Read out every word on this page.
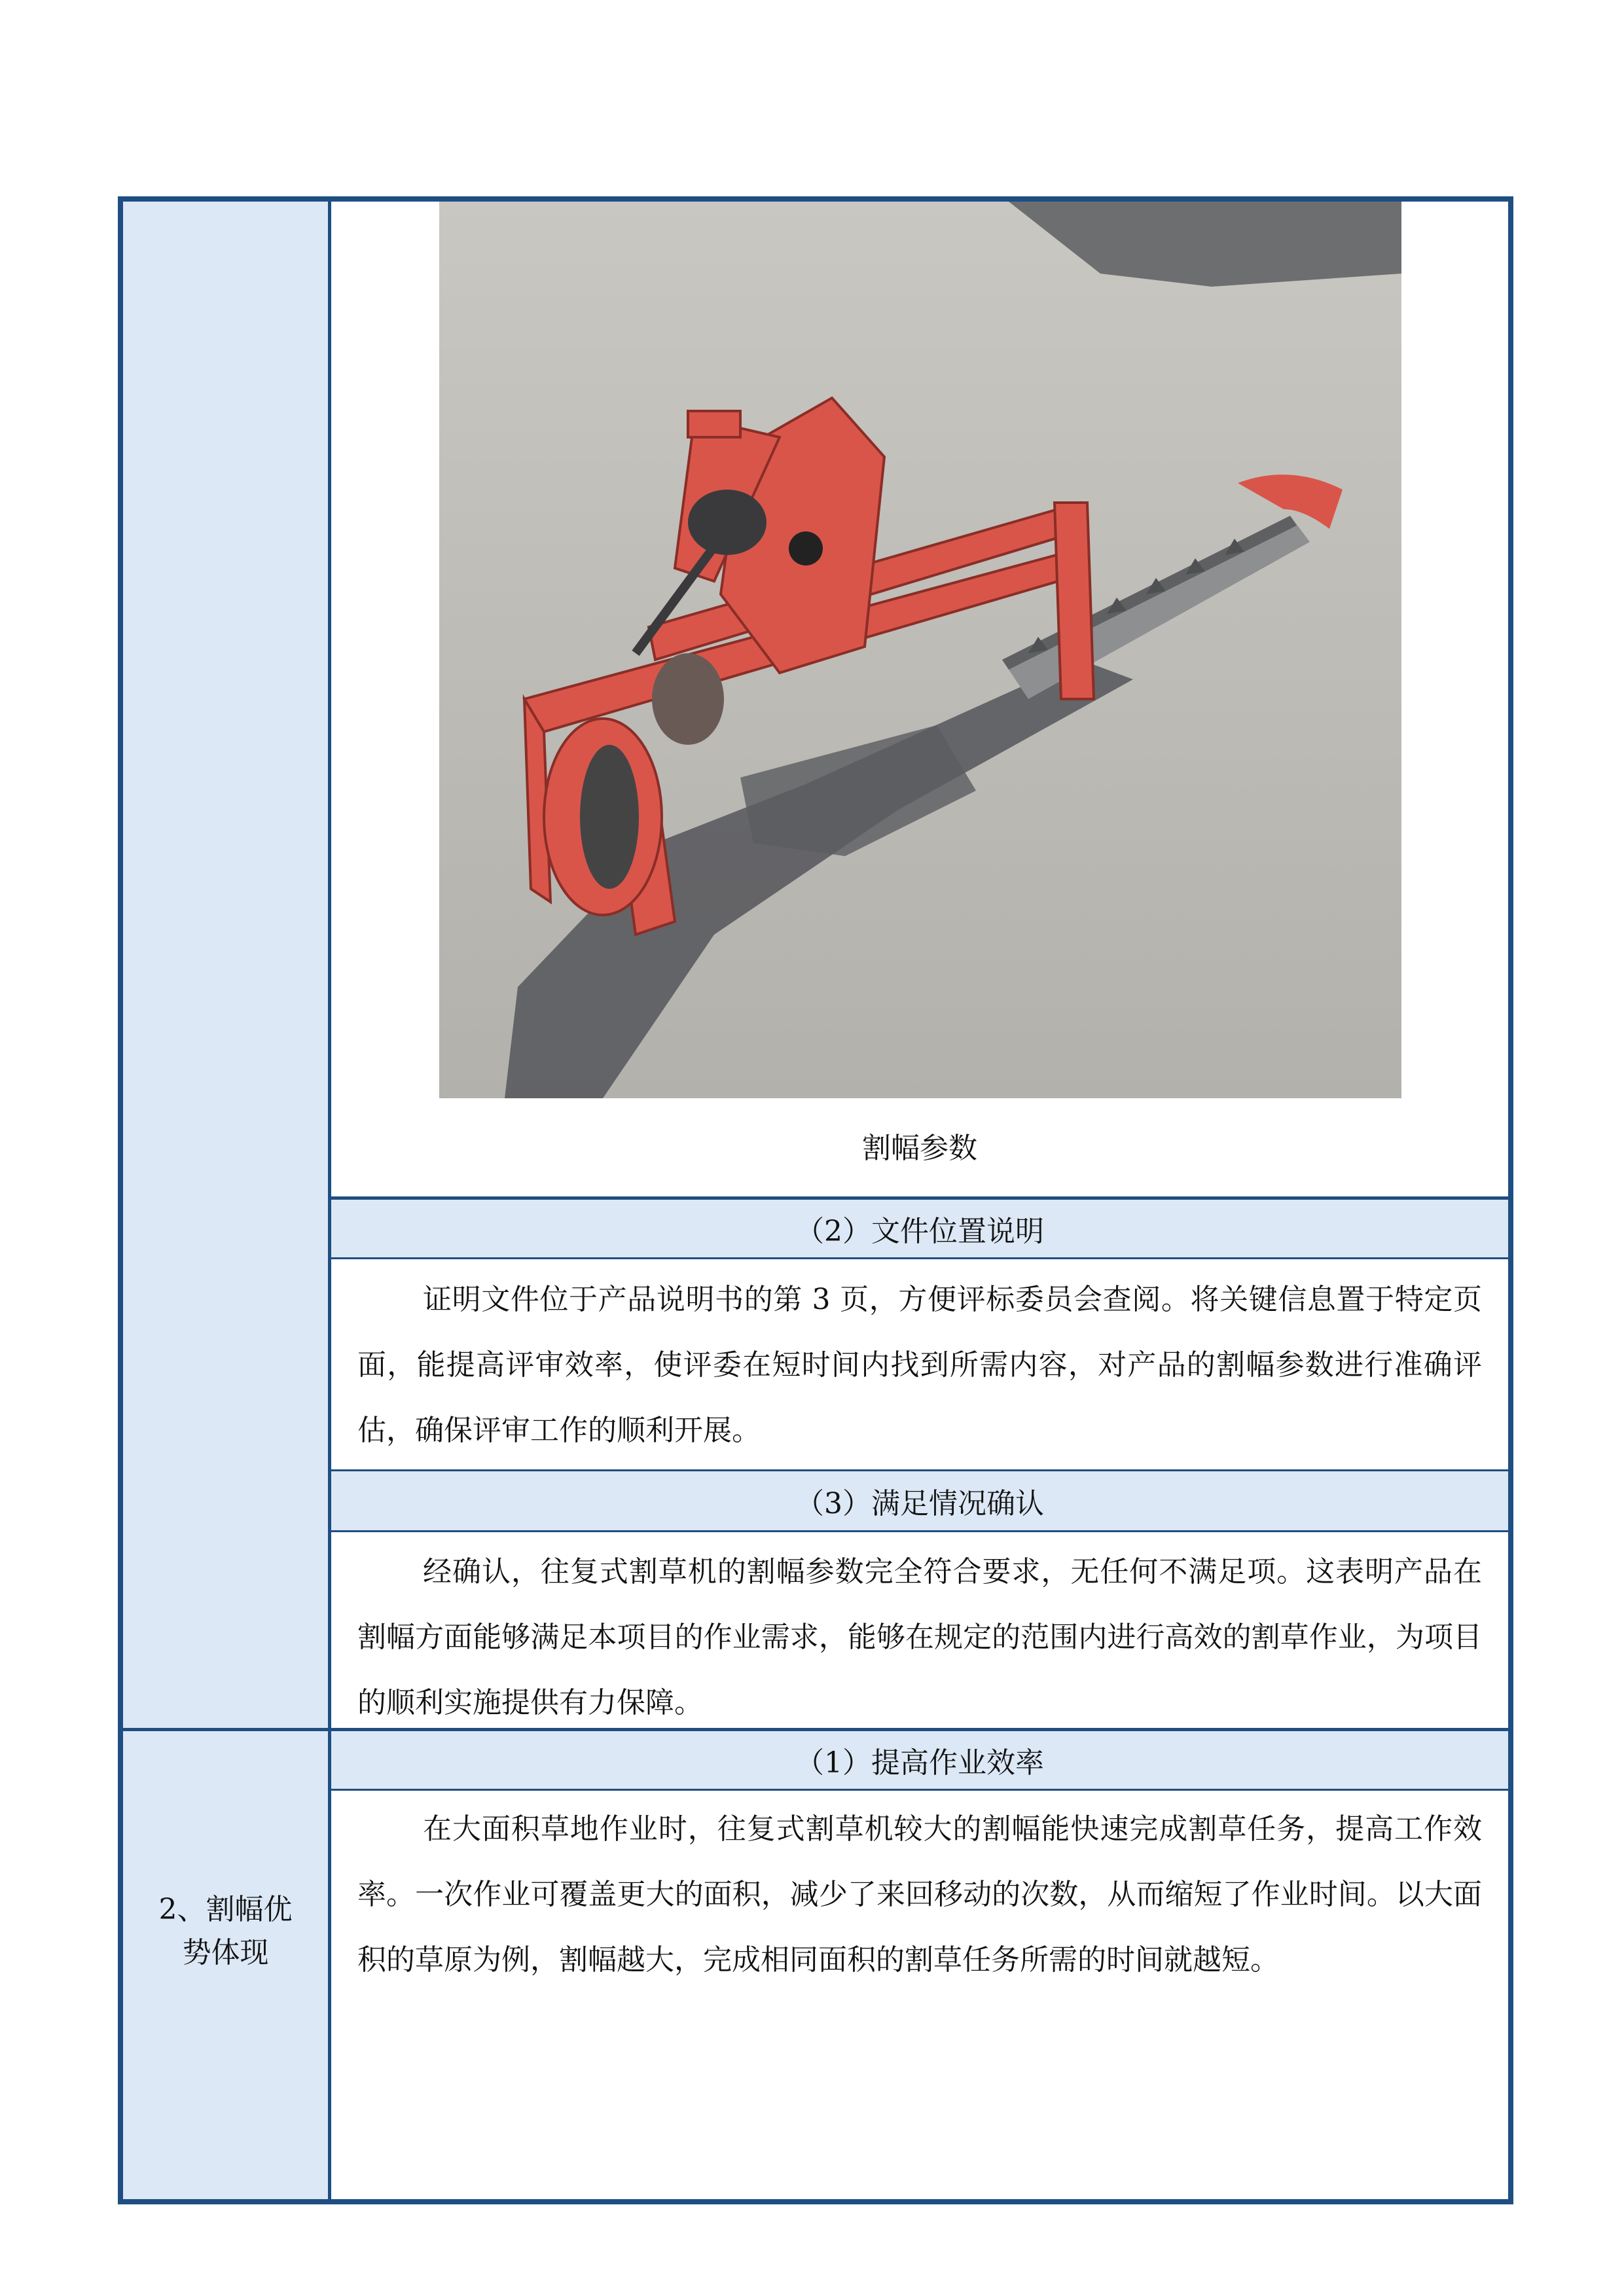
割幅参数
（2）文件位置说明
证明文件位于产品说明书的第 3 页，方便评标委员会查阅。将关键信息置于特定页面，能提高评审效率，使评委在短时间内找到所需内容，对产品的割幅参数进行准确评估，确保评审工作的顺利开展。
（3）满足情况确认
经确认，往复式割草机的割幅参数完全符合要求，无任何不满足项。这表明产品在割幅方面能够满足本项目的作业需求，能够在规定的范围内进行高效的割草作业，为项目的顺利实施提供有力保障。
2、割幅优势体现
（1）提高作业效率
在大面积草地作业时，往复式割草机较大的割幅能快速完成割草任务，提高工作效率。一次作业可覆盖更大的面积，减少了来回移动的次数，从而缩短了作业时间。以大面积的草原为例，割幅越大，完成相同面积的割草任务所需的时间就越短。
